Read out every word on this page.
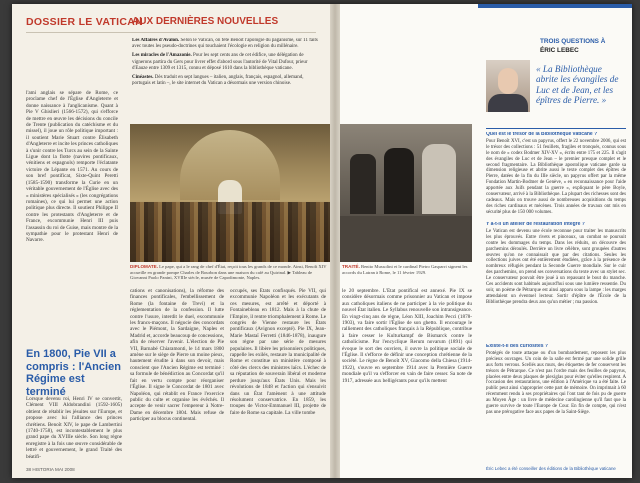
DOSSIER LE VATICAN
AUX DERNIÈRES NOUVELLES

Les Affaires d'Avalon. Selon le Vatican, on fête Benoît l'apologie du paganisme, sur 11 faits avec toutes les pseudo-doctrines qui touchaient l'écologie en religion du millénaire.

Les miracles de l'Amazonie. Pour les sept cents ans de cet édifice, une délégation de vignerons partira du Gers pour livrer effet d'abord sous l'autorité de Vital Dufour, prieur d'Eauze entre 1309 et 1315, connu et déposé 1610 dans la bibliothèque vaticane.

Cinéastes. Dès traduit en sept langues – italien, anglais, français, espagnol, allemand, portugais et latin –, le site internet du Vatican a désormais une version chinoise.

l'ami anglais se sépare de Rome, ce proclame chef de l'Église d'Angleterre et donne naissance à l'anglicanisme. Quant à Pie V Ghislieri (1566-1572), qui s'efforce de mettre en œuvre les décisions du concile de Trente (publication du catéchisme et du missel), il joue un rôle politique important : il soutient Marie Stuart contre Élisabeth d'Angleterre et incite les princes catholiques à s'unir contre les Turcs au sein de la Sainte Ligue dont la flotte (navires pontificaux, vénitiens et espagnols) remporte l'éclatante victoire de Lépante en 1571. Au cours de son bref pontificat, Sixte-Quint Peretti (1585-1590) transforme la Curie en un véritable gouvernement de l'Église avec des « ministères spécialisés » (les congrégations romaines), ce qui lui permet une action politique plus directe. Il soutient Philippe II contre les protestants d'Angleterre et de France, excommunie Henri III puis l'assassin du roi de Guise, mais montre de la sympathie pour le protestant Henri de Navarre.
DIPLOMATE. Le pape, qui a le rang de chef d'État, reçoit tous les grands de ce monde. Ainsi, Benoît XIV accueille en grande pompe Charles de Bourbon dans une maison du café au Quirinal. ▶ Tableau de Giovanni Paolo Panini, XVIIIe siècle, musée de Capodimonte, Naples.
En 1800, Pie VII a compris : l'Ancien Régime est terminé
Lorsque devenu roi, Henri IV se convertit, Clément VIII Aldobrandini (1592-1605) obtient de rétablir les jésuites sur l'Europe, et propose avec lui l'alliance des princes chrétiens. Benoît XIV, le pape de Lambertini (1740-1758), est incontestablement le plus grand pape du XVIIIe siècle. Son long règne enregistre à la fois une œuvre considérable de lettré et gouvernement, le grand Traité des béatifi-
cations et canonisations), la réforme des finances pontificales, l'embellissement de Rome (la fontaine de Trevi) et la réglementation de la confession. Il lutte contre l'usure, interdit le duel, excommunie les francs-maçons. Il négocie des concordats avec le Piémont, la Sardaigne, Naples et Madrid et, accorde beaucoup de concessions, afin de réserver l'avenir. L'élection de Pie VII, Barnabé Chiaramonti, le 14 mars 1800 amène sur le siège de Pierre un moine pieux, hautement érudite à dans son devoir, mais conscient que l'Ancien Régime est terminé : sa formule de bénédiction au Concordat qu'il fait en vertu compte pour réorganiser l'Église. Il signe le Concordat de 1801 avec Napoléon, qui rétablit en France l'exercice public du culte et organise les évêchés. Il accepte de venir sacrer l'empereur à Notre-Dame en décembre 1804. Mais refuse de participer au blocus continental.
occupés, ses États confisqués. Pie VII, qui excommunie Napoléon et les exécutants de ces mesures, est arrêté et déporté à Fontainebleau en 1812. Mais à la chute de l'Empire, il rentre triomphalement à Rome. Le congrès de Vienne restaure les États pontificaux (Avignon excepté). Pie IX, Jean-Marie Mastaï Ferretti (1846-1878), inaugure son règne par une série de mesures populaires. Il libère les prisonniers politiques, rappelle les exilés, restaure la municipalité de Rome et constitue un ministère composé à côté des clercs des ministres laïcs. L'échec de sa réputation de souverain libéral et moderne perdure jusqu'aux États Unis. Mais les révolutions de 1848 et l'action qui s'ensuivit dans un État l'amènent à une attitude résolument conservatrice. En 1859, les troupes de Victor-Emmanuel III, projette de faire de Rome sa capitale. La ville tombe
38 HISTORIA MAI 2008
TRAITÉ. Benito Mussolini et le cardinal Pietro Gasparri signent les accords du Latran à Rome, le 11 février 1929.
le 20 septembre. L'État pontifical est annexé. Pie IX se considère désormais comme prisonnier au Vatican et impose aux catholiques italiens de ne participer à la vie politique du nouvel État italien. Le Syllabus renouvelle son intransigeance. En vingt-cinq ans de règne, Léon XIII, Joachim Pecci (1878-1903), va faire sortir l'Église de son ghetto. Il encourage le ralliement des catholiques français à la République, contribue à faire cesser le Kulturkampf de Bismarck contre le catholicisme. Par l'encyclique Rerum novarum (1891) qui évoque le sort des ouvriers, il ouvre la politique sociale de l'Église. Il s'efforce de définir une conception chrétienne de la société. Le règne de Benoît XV, Giacomo della Chiesa (1914-1922), s'ouvre en septembre 1914 avec la Première Guerre mondiale qu'il va s'efforcer en vain de faire cesser. Sa note de 1917, adressée aux belligérants pour qu'ils mettent
TROIS QUESTIONS À
ÉRIC LEBEC
« La Bibliothèque abrite les évangiles de Luc et de Jean, et les épîtres de Pierre. »
Quel est le trésor de la Bibliothèque vaticane ?
Pour Benoît XVI, c'est un papyrus, offert le 22 novembre 2006, qui est le trésor des collections : 51 feuillets, fragiles et tronqués, connus sous le nom de « codex Bodmer XIV-XV », écrits entre 175 et 225. Il s'agit des évangiles de Luc et de Jean – le premier presque complet et le second fragmentaire. La Bibliothèque apostolique vaticane garde sa dimension religieuse et abrite aussi le texte complet des épîtres de Pierre, datées de la fin du IIIe siècle, un papyrus offert par la même Fondation Martin-Bodmer de Genève, « en reconnaissance pour l'aide apportée aux Juifs pendant la guerre », expliquant le père Boyle, conservateur, arrivé à la Bibliothèque. La plupart des richesses sont des cadeaux. Mais on trouve aussi de nombreuses acquisitions du temps des riches cardinaux et mécènes. Trois années de travaux ont mis en sécurité plus de 150 000 volumes.
Y a-t-il un atelier de restauration intégré ?
Le Vatican est devenu une école reconnue pour traiter les manuscrits les plus éprouvés. Entre rivets et pinceaux, un combat se poursuit contre les dommages du temps. Dans les réduits, on découvre des parchemins déroulés. Derrière un livre célèbre, sont groupées d'autres œuvres qu'on ne connaissait que par des citations. Seules les collections juives ont été entièrement étudiées, grâce à la présence de nombreux réfugiés pendant la Seconde Guerre mondiale. Sur le cuir des parchemins, on prend ses conversations du texte avec un stylet sec. Le conservateur pouvait être joué à un repassant le bout du manche. Ces accidents sont habitués aujourd'hui sous une lumière ressentie. Du soir, un poème de Pétrarque est ainsi apparu sous la lampe : les marges attendaient un éventuel lecteur. Sortir d'épître de l'École de la Bibliothèque prendra deux ans qu'un métier ; ma passion.
Existe-t-il des curiosités ?
Protégés de toute attaque ou d'un bombardement, reposent les plus précieux ouvrages. Un coin de la salle est fermé par une solide grille aux forts verrous. Scellés aux murs, des étiquettes de fer conservent les trésors de Pétrarque. Ce n'est pas l'ordre mais des feuilles de papyrus, placées entre deux plaques de plexiglas pour éviter qu'elles respirent. A l'occasion des restaurations, une édition à l'Amérique va a été faite. Le public peut ainsi s'approprier cette part de mémoire. On imprimait à 60 récemment rendu à ses propriétaires qui l'ont tant de fois pu de guerre au Moyen Âge : un livre de médecine carolingienne qu'il faut que la guerre survive de toute l'Europe de Cour. En fin de compte, qui n'est pas une prérogative face aux papes de la Saint-Siège.
Éric Lebec a été conseiller des éditions de la Bibliothèque vaticane
